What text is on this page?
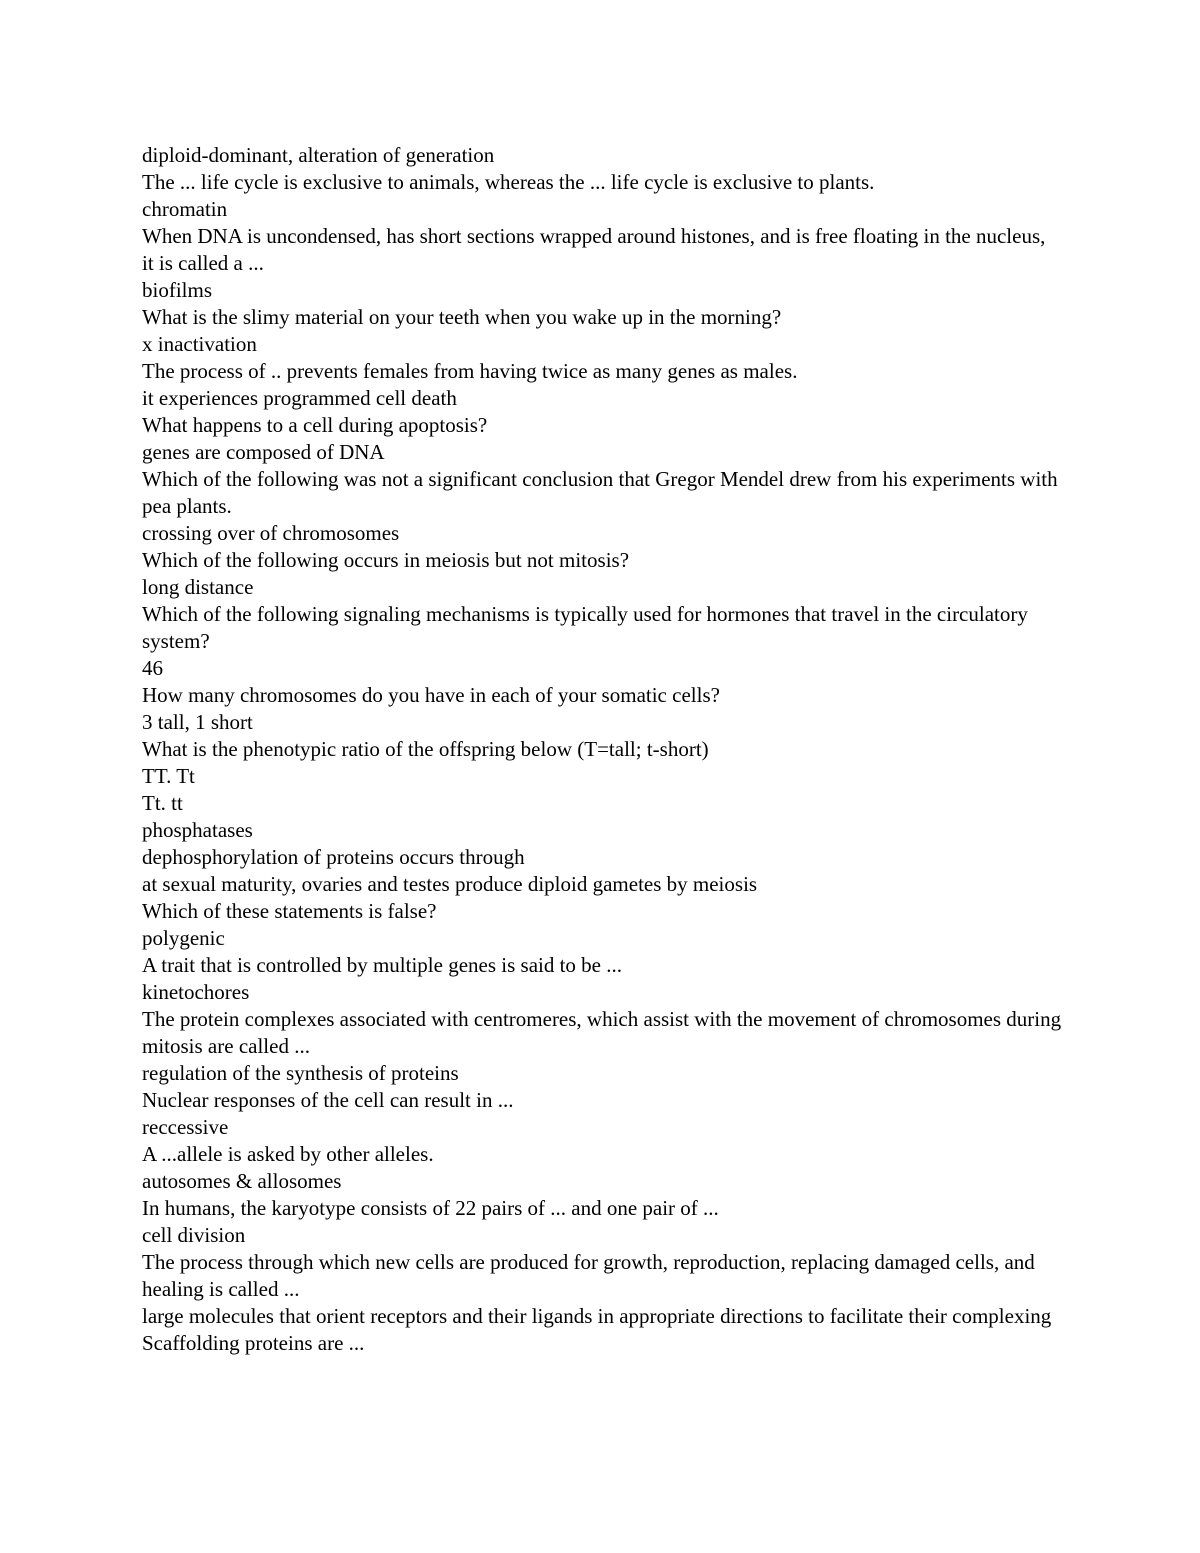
diploid-dominant, alteration of generation

The ... life cycle is exclusive to animals, whereas the ... life cycle is exclusive to plants.

chromatin

When DNA is uncondensed, has short sections wrapped around histones, and is free floating in the nucleus, it is called a ...

biofilms

What is the slimy material on your teeth when you wake up in the morning?

x inactivation

The process of .. prevents females from having twice as many genes as males.

it experiences programmed cell death

What happens to a cell during apoptosis?

genes are composed of DNA

Which of the following was not a significant conclusion that Gregor Mendel drew from his experiments with pea plants.

crossing over of chromosomes

Which of the following occurs in meiosis but not mitosis?

long distance

Which of the following signaling mechanisms is typically used for hormones that travel in the circulatory system?

46

How many chromosomes do you have in each of your somatic cells?

3 tall, 1 short

What is the phenotypic ratio of the offspring below (T=tall; t-short)

TT. Tt

Tt. tt

phosphatases

dephosphorylation of proteins occurs through

at sexual maturity, ovaries and testes produce diploid gametes by meiosis

Which of these statements is false?

polygenic

A trait that is controlled by multiple genes is said to be ...

kinetochores

The protein complexes associated with centromeres, which assist with the movement of chromosomes during mitosis are called ...

regulation of the synthesis of proteins

Nuclear responses of the cell can result in ...

reccessive

A ...allele is asked by other alleles.

autosomes & allosomes

In humans, the karyotype consists of 22 pairs of ... and one pair of ...

cell division

The process through which new cells are produced for growth, reproduction, replacing damaged cells, and healing is called ...

large molecules that orient receptors and their ligands in appropriate directions to facilitate their complexing

Scaffolding proteins are ...
